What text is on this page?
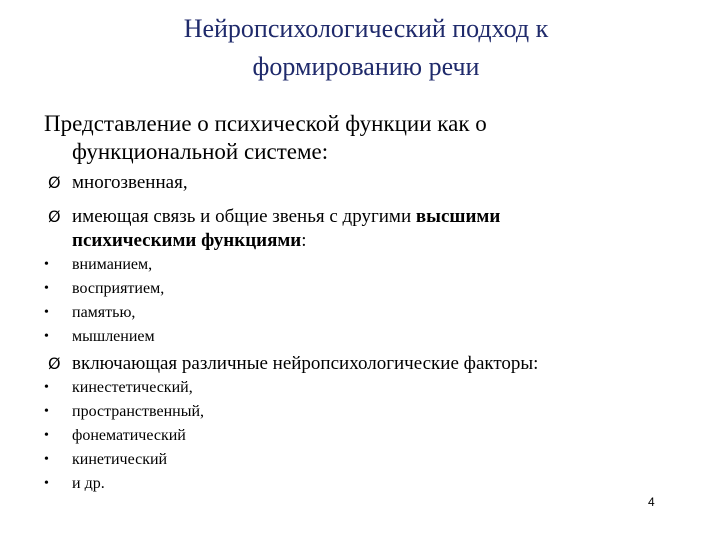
Нейропсихологический подход к
формированию речи
Представление о психической функции как о
функциональной системе:
Ø многозвенная,
Ø имеющая связь и общие звенья с другими высшими
психическими функциями:
•	вниманием,
•	восприятием,
•	памятью,
•	мышлением
Ø включающая различные нейропсихологические факторы:
•	кинестетический,
•	пространственный,
•	фонематический
•	кинетический
•	и др.
4
